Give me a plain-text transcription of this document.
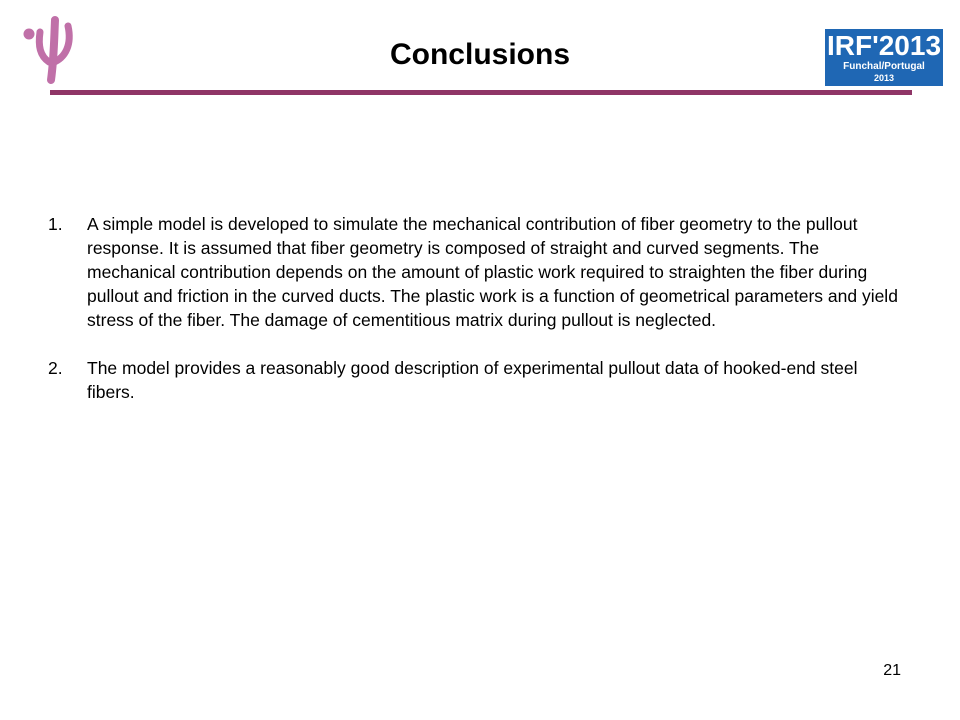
Conclusions	IRF'2013
Funchal/Portugal
2013
1. A simple model is developed to simulate the mechanical contribution of fiber geometry to the pullout response. It is assumed that fiber geometry is composed of straight and curved segments. The mechanical contribution depends on the amount of plastic work required to straighten the fiber during pullout and friction in the curved ducts. The plastic work is a function of geometrical parameters and yield stress of the fiber. The damage of cementitious matrix during pullout is neglected.
2. The model provides a reasonably good description of experimental pullout data of hooked-end steel fibers.
21
